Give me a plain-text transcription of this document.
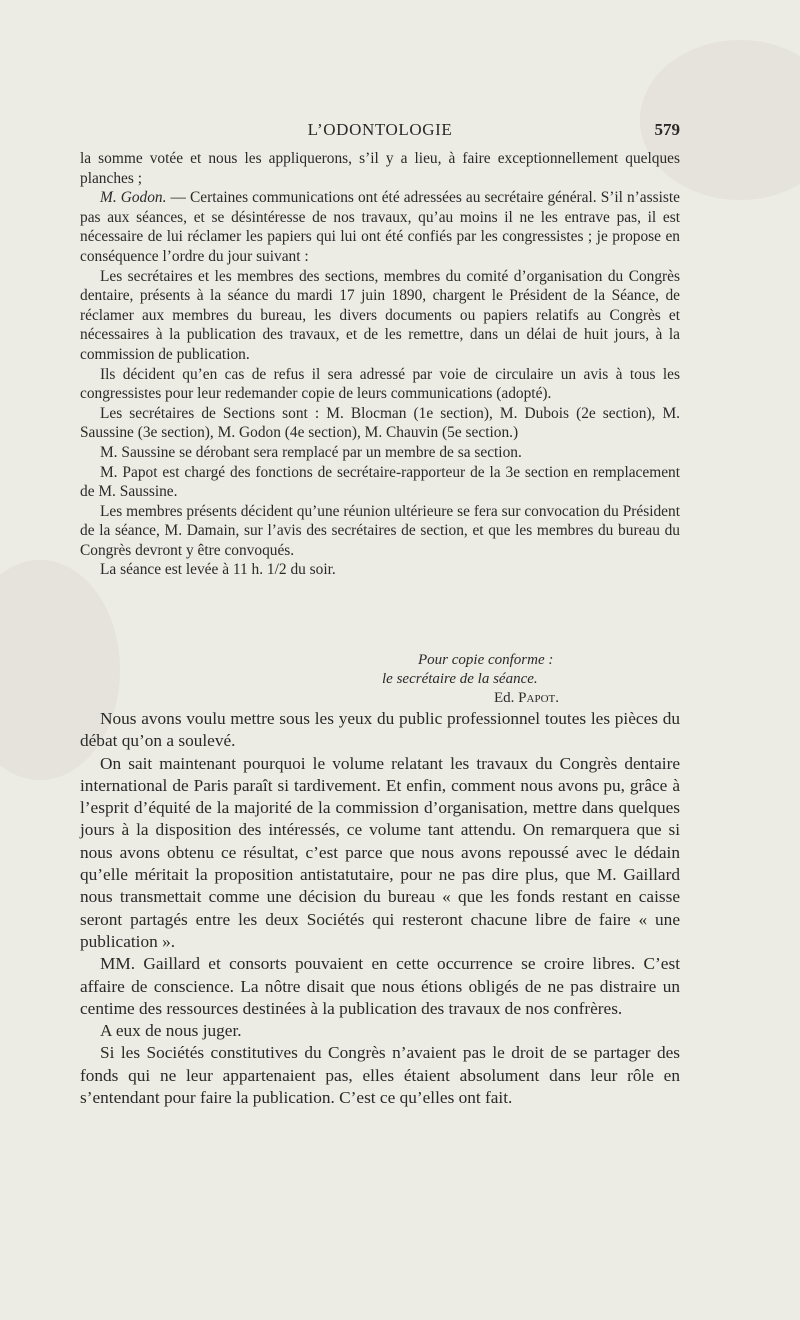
L’ODONTOLOGIE	579

la somme votée et nous les appliquerons, s’il y a lieu, à faire exceptionnellement quelques planches ;

M. Godon. — Certaines communications ont été adressées au secrétaire général. S’il n’assiste pas aux séances, et se désintéresse de nos travaux, qu’au moins il ne les entrave pas, il est nécessaire de lui réclamer les papiers qui lui ont été confiés par les congressistes ; je propose en conséquence l’ordre du jour suivant :

Les secrétaires et les membres des sections, membres du comité d’organisation du Congrès dentaire, présents à la séance du mardi 17 juin 1890, chargent le Président de la Séance, de réclamer aux membres du bureau, les divers documents ou papiers relatifs au Congrès et nécessaires à la publication des travaux, et de les remettre, dans un délai de huit jours, à la commission de publication.

Ils décident qu’en cas de refus il sera adressé par voie de circulaire un avis à tous les congressistes pour leur redemander copie de leurs communications (adopté).

Les secrétaires de Sections sont : M. Blocman (1e section), M. Dubois (2e section), M. Saussine (3e section), M. Godon (4e section), M. Chauvin (5e section.)

M. Saussine se dérobant sera remplacé par un membre de sa section.

M. Papot est chargé des fonctions de secrétaire-rapporteur de la 3e section en remplacement de M. Saussine.

Les membres présents décident qu’une réunion ultérieure se fera sur convocation du Président de la séance, M. Damain, sur l’avis des secrétaires de section, et que les membres du bureau du Congrès devront y être convoqués.

La séance est levée à 11 h. 1/2 du soir.

Pour copie conforme :
le secrétaire de la séance.
Ed. Papot.

Nous avons voulu mettre sous les yeux du public professionnel toutes les pièces du débat qu’on a soulevé.

On sait maintenant pourquoi le volume relatant les travaux du Congrès dentaire international de Paris paraît si tardivement. Et enfin, comment nous avons pu, grâce à l’esprit d’équité de la majorité de la commission d’organisation, mettre dans quelques jours à la disposition des intéressés, ce volume tant attendu. On remarquera que si nous avons obtenu ce résultat, c’est parce que nous avons repoussé avec le dédain qu’elle méritait la proposition antistatutaire, pour ne pas dire plus, que M. Gaillard nous transmettait comme une décision du bureau « que les fonds restant en caisse seront partagés entre les deux Sociétés qui resteront chacune libre de faire « une publication ».

MM. Gaillard et consorts pouvaient en cette occurrence se croire libres. C’est affaire de conscience. La nôtre disait que nous étions obligés de ne pas distraire un centime des ressources destinées à la publication des travaux de nos confrères.

A eux de nous juger.

Si les Sociétés constitutives du Congrès n’avaient pas le droit de se partager des fonds qui ne leur appartenaient pas, elles étaient absolument dans leur rôle en s’entendant pour faire la publication. C’est ce qu’elles ont fait.
